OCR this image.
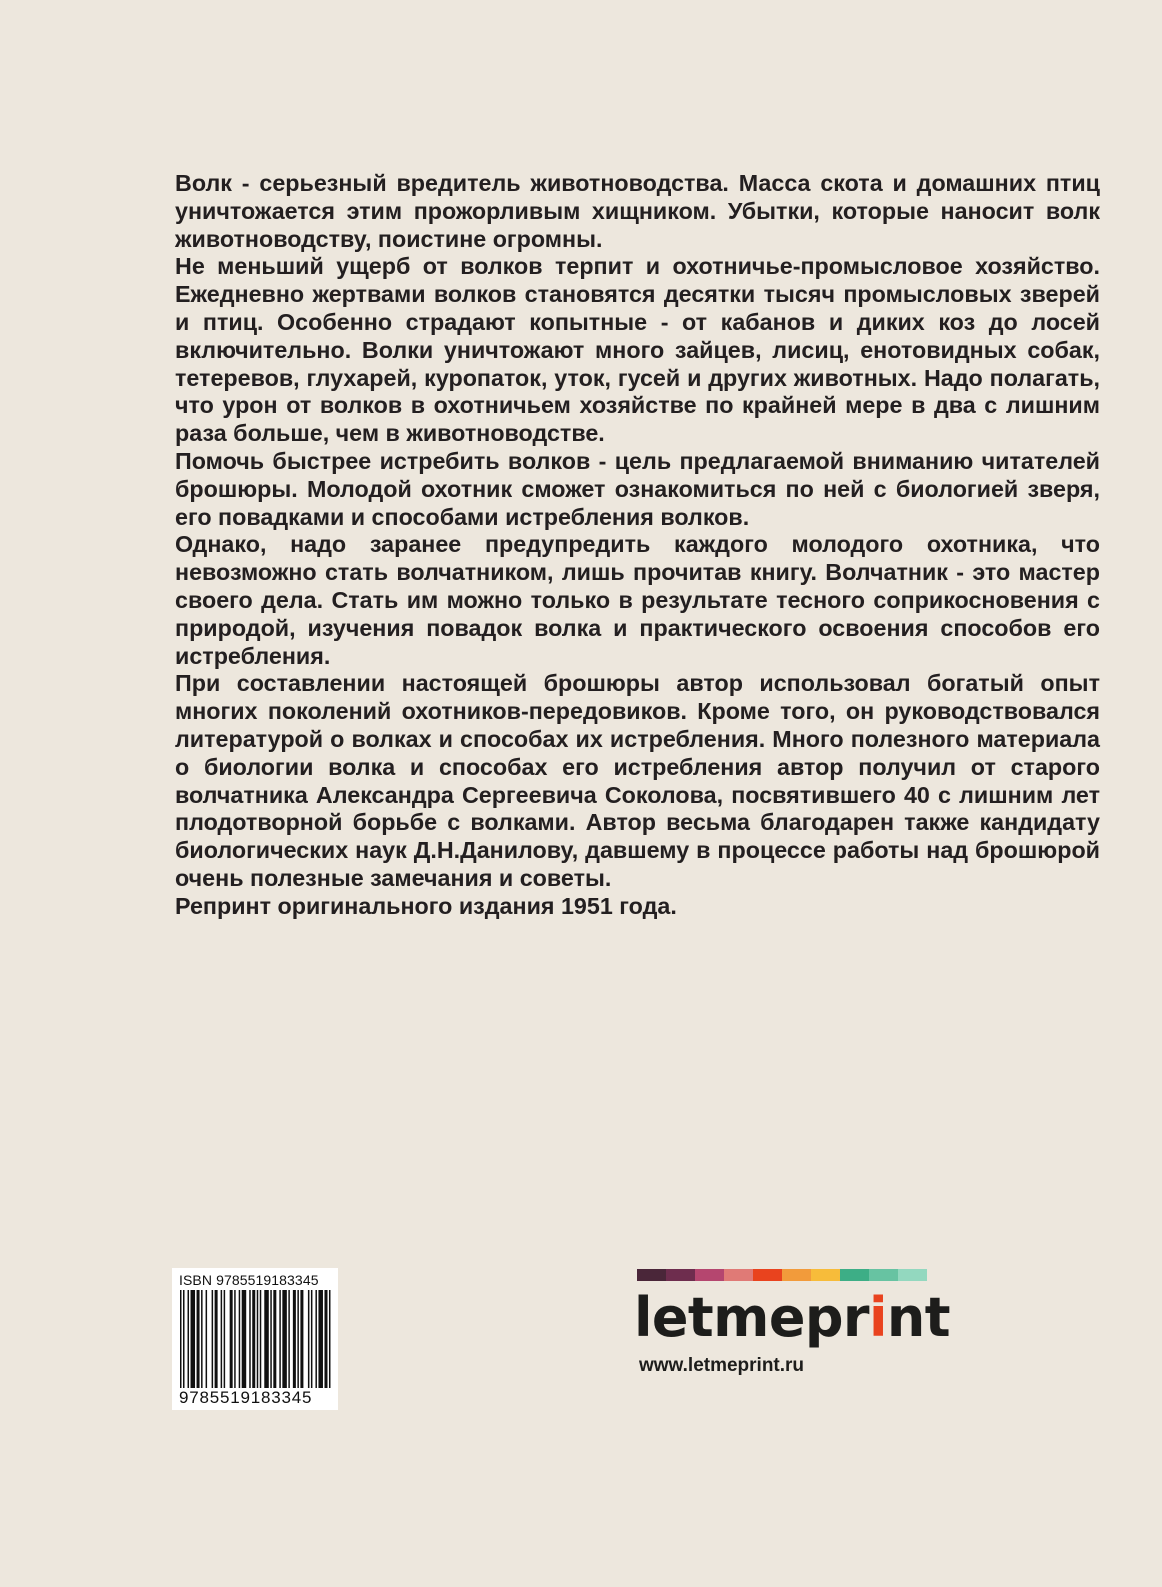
Волк - серьезный вредитель животноводства. Масса скота и домашних птиц уничтожается этим прожорливым хищником. Убытки, которые наносит волк животноводству, поистине огромны.

Не меньший ущерб от волков терпит и охотничье-промысловое хозяйство. Ежедневно жертвами волков становятся десятки тысяч промысловых зверей и птиц. Особенно страдают копытные - от кабанов и диких коз до лосей включительно. Волки уничтожают много зайцев, лисиц, енотовидных собак, тетеревов, глухарей, куропаток, уток, гусей и других животных. Надо полагать, что урон от волков в охотничьем хозяйстве по крайней мере в два с лишним раза больше, чем в животноводстве.

Помочь быстрее истребить волков - цель предлагаемой вниманию читателей брошюры. Молодой охотник сможет ознакомиться по ней с биологией зверя, его повадками и способами истребления волков.

Однако, надо заранее предупредить каждого молодого охотника, что невозможно стать волчатником, лишь прочитав книгу. Волчатник - это мастер своего дела. Стать им можно только в результате тесного соприкосновения с природой, изучения повадок волка и практического освоения способов его истребления.

При составлении настоящей брошюры автор использовал богатый опыт многих поколений охотников-передовиков. Кроме того, он руководствовался литературой о волках и способах их истребления. Много полезного материала о биологии волка и способах его истребления автор получил от старого волчатника Александра Сергеевича Соколова, посвятившего 40 с лишним лет плодотворной борьбе с волками. Автор весьма благодарен также кандидату биологических наук Д.Н.Данилову, давшему в процессе работы над брошюрой очень полезные замечания и советы.

Репринт оригинального издания 1951 года.

ISBN 9785519183345
9785519183345
letmeprint
www.letmeprint.ru
